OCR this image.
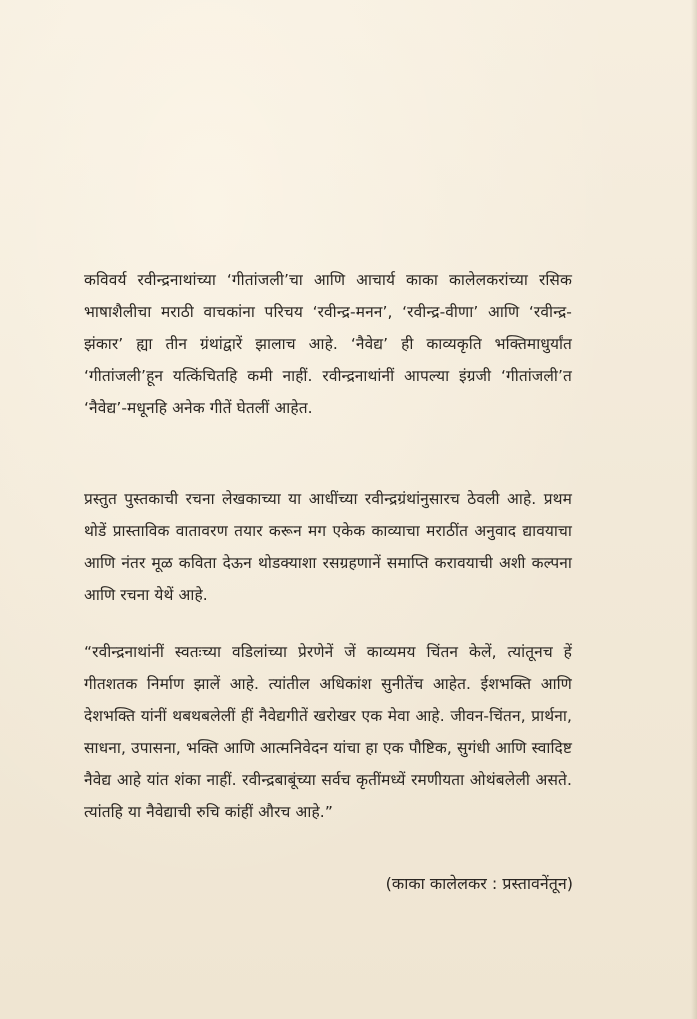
कविवर्य रवीन्द्रनाथांच्या ‘गीतांजली’चा आणि आचार्य काका कालेलकरांच्या रसिक भाषाशैलीचा मराठी वाचकांना परिचय ‘रवीन्द्र-मनन’, ‘रवीन्द्र-वीणा’ आणि ‘रवीन्द्र-झंकार’ ह्या तीन ग्रंथांद्वारें झालाच आहे. ‘नैवेद्य’ ही काव्यकृति भक्तिमाधुर्यांत ‘गीतांजली’हून यत्किंचितहि कमी नाहीं. रवीन्द्रनाथांनीं आपल्या इंग्रजी ‘गीतांजली’त ‘नैवेद्य’-मधूनहि अनेक गीतें घेतलीं आहेत.

प्रस्तुत पुस्तकाची रचना लेखकाच्या या आधींच्या रवीन्द्रग्रंथांनुसारच ठेवली आहे. प्रथम थोडें प्रास्ताविक वातावरण तयार करून मग एकेक काव्याचा मराठींत अनुवाद द्यावयाचा आणि नंतर मूळ कविता देऊन थोडक्याशा रसग्रहणानें समाप्ति करावयाची अशी कल्पना आणि रचना येथें आहे.

“रवीन्द्रनाथांनीं स्वतःच्या वडिलांच्या प्रेरणेनें जें काव्यमय चिंतन केलें, त्यांतूनच हें गीतशतक निर्माण झालें आहे. त्यांतील अधिकांश सुनीतेंच आहेत. ईशभक्ति आणि देशभक्ति यांनीं थबथबलेलीं हीं नैवेद्यगीतें खरोखर एक मेवा आहे. जीवन-चिंतन, प्रार्थना, साधना, उपासना, भक्ति आणि आत्मनिवेदन यांचा हा एक पौष्टिक, सुगंधी आणि स्वादिष्ट नैवेद्य आहे यांत शंका नाहीं. रवीन्द्रबाबूंच्या सर्वच कृतींमध्यें रमणीयता ओथंबलेली असते. त्यांतहि या नैवेद्याची रुचि कांहीं औरच आहे.”

(काका कालेलकर : प्रस्तावनेंतून)
